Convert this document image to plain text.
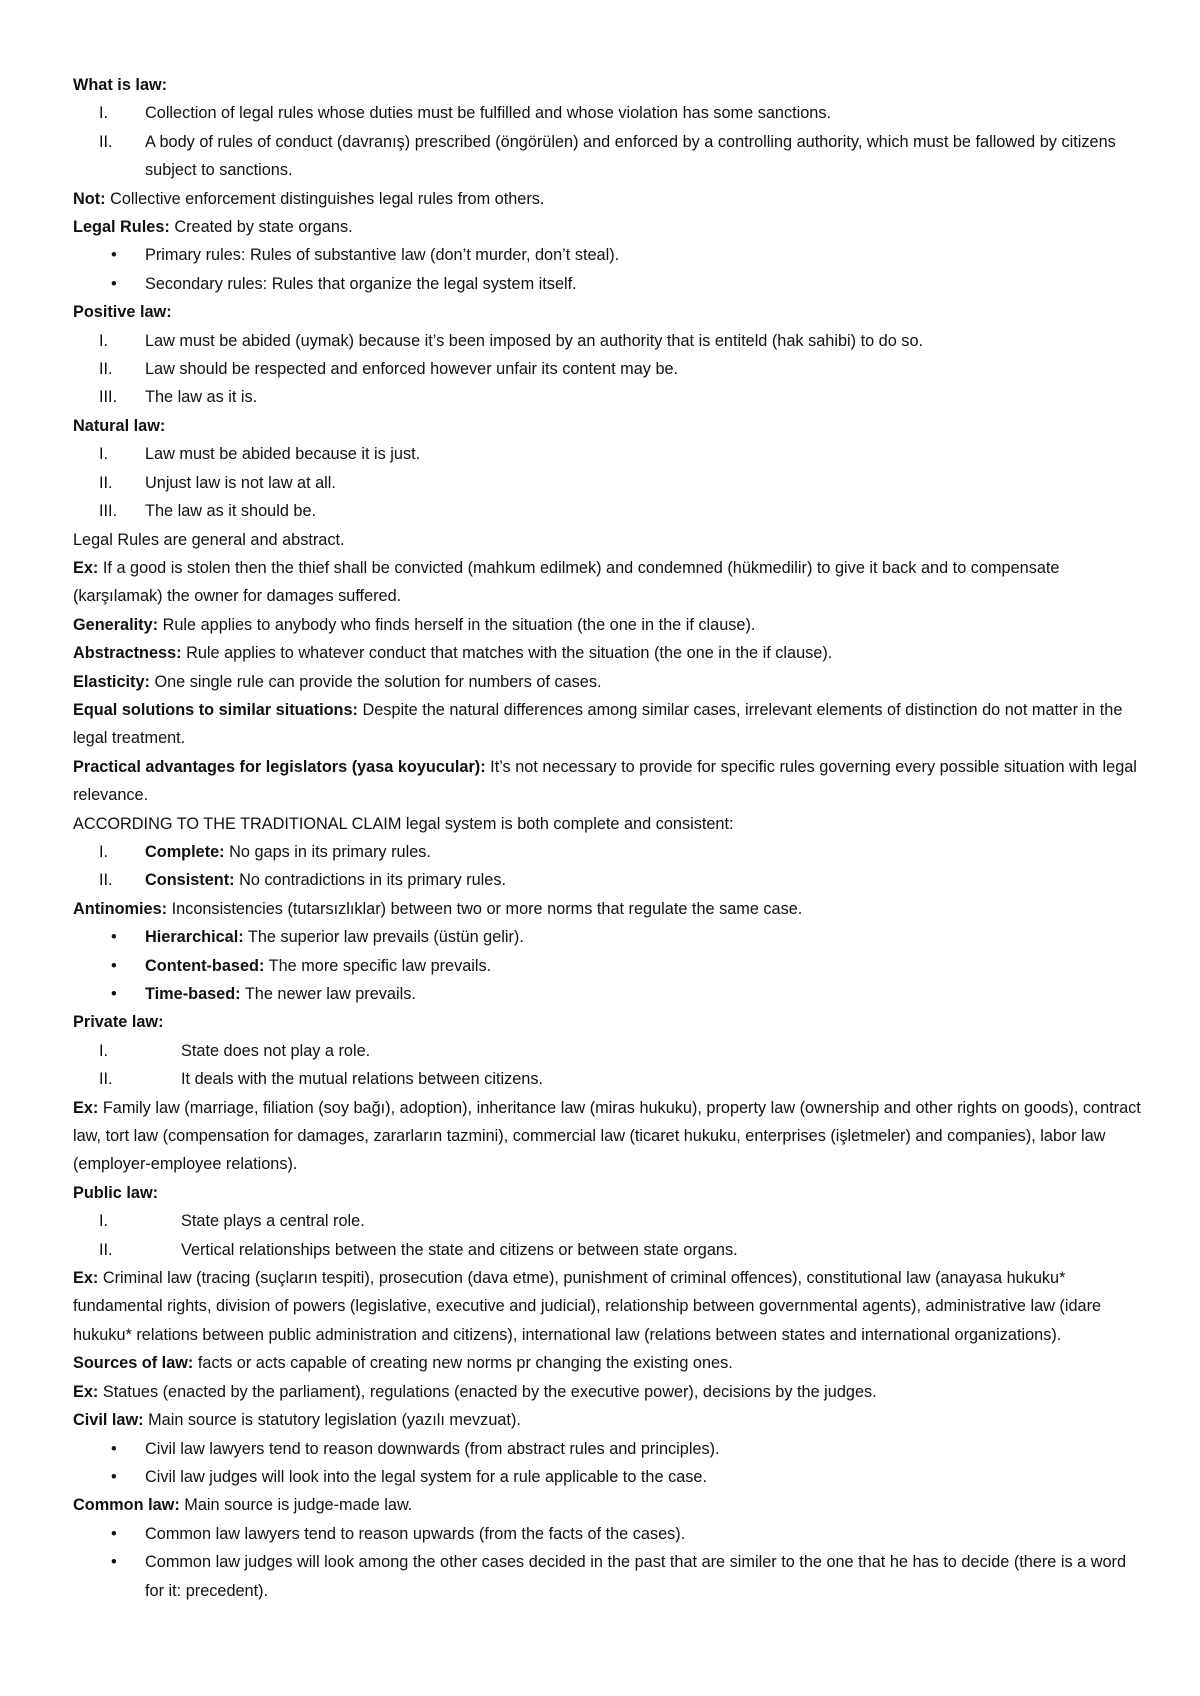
What is law:
I.	Collection of legal rules whose duties must be fulfilled and whose violation has some sanctions.
II.	A body of rules of conduct (davranış) prescribed (öngörülen) and enforced by a controlling authority, which must be fallowed by citizens subject to sanctions.
Not: Collective enforcement distinguishes legal rules from others.
Legal Rules: Created by state organs.
•	Primary rules: Rules of substantive law (don’t murder, don’t steal).
•	Secondary rules: Rules that organize the legal system itself.
Positive law:
I.	Law must be abided (uymak) because it’s been imposed by an authority that is entiteld (hak sahibi) to do so.
II.	Law should be respected and enforced however unfair its content may be.
III.	The law as it is.
Natural law:
I.	Law must be abided because it is just.
II.	Unjust law is not law at all.
III.	The law as it should be.
Legal Rules are general and abstract.
Ex: If a good is stolen then the thief shall be convicted (mahkum edilmek) and condemned (hükmedilir) to give it back and to compensate (karşılamak) the owner for damages suffered.
Generality: Rule applies to anybody who finds herself in the situation (the one in the if clause).
Abstractness: Rule applies to whatever conduct that matches with the situation (the one in the if clause).
Elasticity: One single rule can provide the solution for numbers of cases.
Equal solutions to similar situations: Despite the natural differences among similar cases, irrelevant elements of distinction do not matter in the legal treatment.
Practical advantages for legislators (yasa koyucular): It’s not necessary to provide for specific rules governing every possible situation with legal relevance.
ACCORDING TO THE TRADITIONAL CLAIM legal system is both complete and consistent:
I.	Complete: No gaps in its primary rules.
II.	Consistent: No contradictions in its primary rules.
Antinomies: Inconsistencies (tutarsızlıklar) between two or more norms that regulate the same case.
•	Hierarchical: The superior law prevails (üstün gelir).
•	Content-based: The more specific law prevails.
•	Time-based: The newer law prevails.
Private law:
I.	State does not play a role.
II.	It deals with the mutual relations between citizens.
Ex: Family law (marriage, filiation (soy bağı), adoption), inheritance law (miras hukuku), property law (ownership and other rights on goods), contract law, tort law (compensation for damages, zararların tazmini), commercial law (ticaret hukuku, enterprises (işletmeler) and companies), labor law (employer-employee relations).
Public law:
I.	State plays a central role.
II.	Vertical relationships between the state and citizens or between state organs.
Ex: Criminal law (tracing (suçların tespiti), prosecution (dava etme), punishment of criminal offences), constitutional law (anayasa hukuku* fundamental rights, division of powers (legislative, executive and judicial), relationship between governmental agents), administrative law (idare hukuku* relations between public administration and citizens), international law (relations between states and international organizations).
Sources of law: facts or acts capable of creating new norms pr changing the existing ones.
Ex: Statues (enacted by the parliament), regulations (enacted by the executive power), decisions by the judges.
Civil law: Main source is statutory legislation (yazılı mevzuat).
•	Civil law lawyers tend to reason downwards (from abstract rules and principles).
•	Civil law judges will look into the legal system for a rule applicable to the case.
Common law: Main source is judge-made law.
•	Common law lawyers tend to reason upwards (from the facts of the cases).
•	Common law judges will look among the other cases decided in the past that are similer to the one that he has to decide (there is a word for it: precedent).
